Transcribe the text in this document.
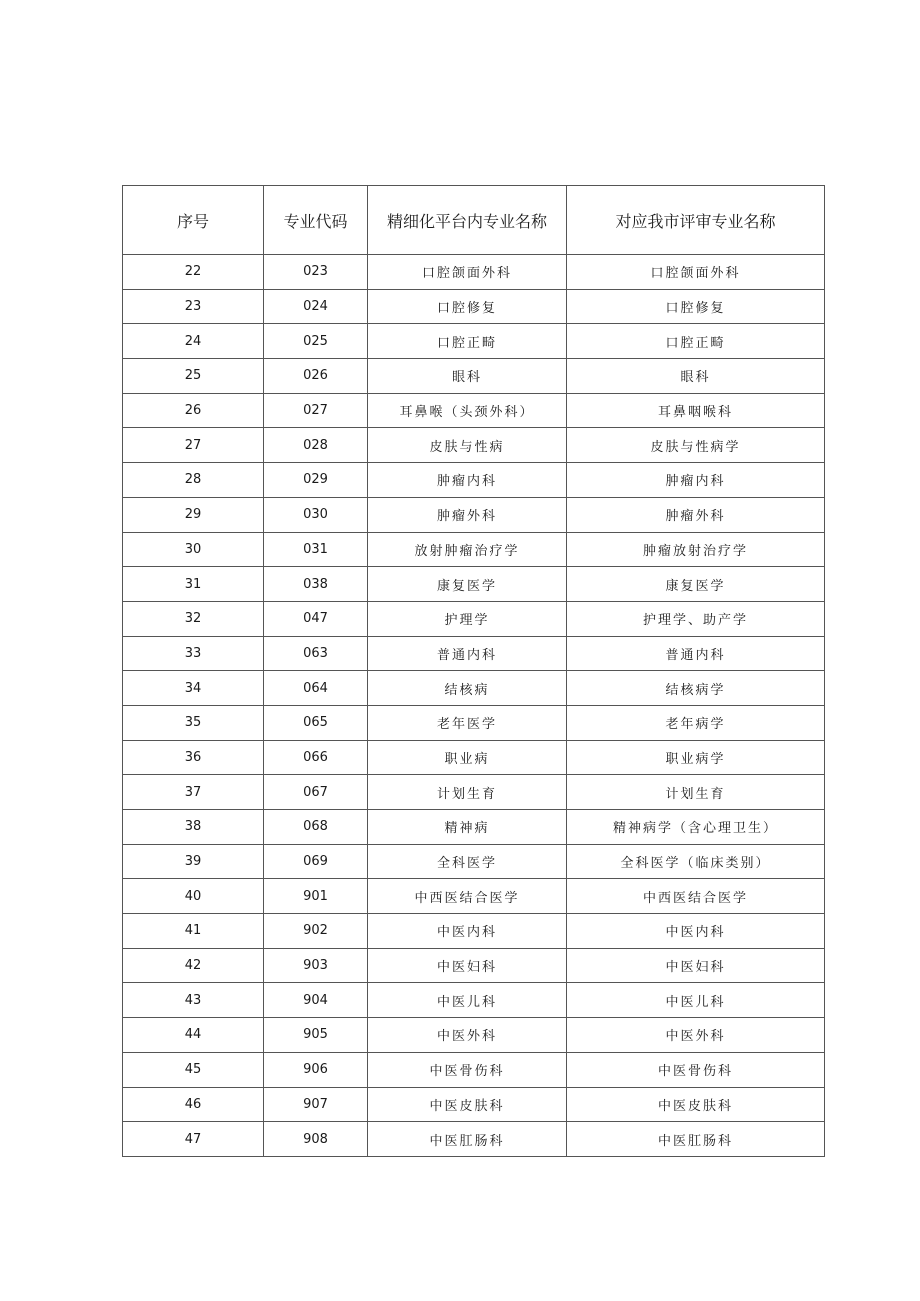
序号	专业代码	精细化平台内专业名称	对应我市评审专业名称
22	023	口腔颌面外科	口腔颌面外科
23	024	口腔修复	口腔修复
24	025	口腔正畸	口腔正畸
25	026	眼科	眼科
26	027	耳鼻喉（头颈外科）	耳鼻咽喉科
27	028	皮肤与性病	皮肤与性病学
28	029	肿瘤内科	肿瘤内科
29	030	肿瘤外科	肿瘤外科
30	031	放射肿瘤治疗学	肿瘤放射治疗学
31	038	康复医学	康复医学
32	047	护理学	护理学、助产学
33	063	普通内科	普通内科
34	064	结核病	结核病学
35	065	老年医学	老年病学
36	066	职业病	职业病学
37	067	计划生育	计划生育
38	068	精神病	精神病学（含心理卫生）
39	069	全科医学	全科医学（临床类别）
40	901	中西医结合医学	中西医结合医学
41	902	中医内科	中医内科
42	903	中医妇科	中医妇科
43	904	中医儿科	中医儿科
44	905	中医外科	中医外科
45	906	中医骨伤科	中医骨伤科
46	907	中医皮肤科	中医皮肤科
47	908	中医肛肠科	中医肛肠科
